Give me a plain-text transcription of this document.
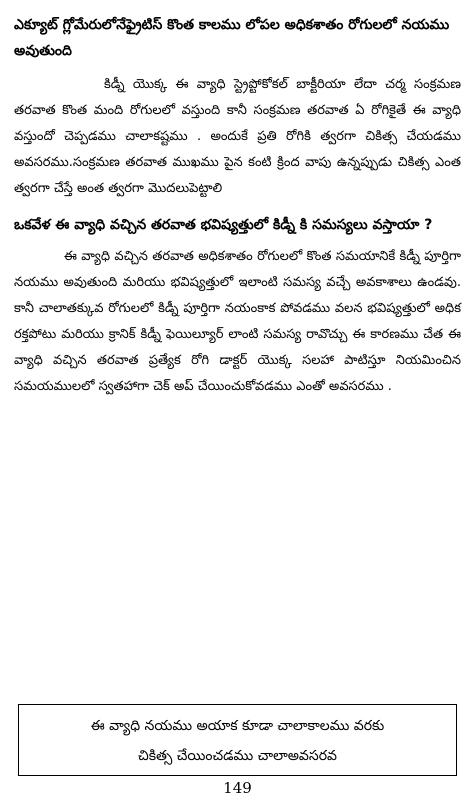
ఎక్యూట్ గ్లోమేరులోనేఫ్రైటిస్ కొంత కాలము లోపల అధికశాతం రోగులలో నయము అవుతుంది

కిడ్నీ యొక్క ఈ వ్యాధి స్ట్రెప్టోకోకల్ బాక్టీరియా లేదా చర్మ సంక్రమణ తరవాత కొంత మంది రోగులలో వస్తుంది కానీ సంక్రమణ తరవాత ఏ రోగికైతే ఈ వ్యాధి వస్తుందో చెప్పడము చాలాకష్టము . అందుకే ప్రతి రోగికి త్వరగా చికిత్స చేయడము అవసరము.సంక్రమణ తరవాత ముఖము పైన కంటి క్రింద వాపు ఉన్నప్పుడు చికిత్స ఎంత త్వరగా చేస్తే అంత త్వరగా మొదలుపెట్టాలి

ఒకవేళ ఈ వ్యాధి వచ్చిన తరవాత భవిష్యత్తులో కిడ్నీ కి సమస్యలు వస్తాయా ?

ఈ వ్యాధి వచ్చిన తరవాత అధికశాతం రోగులలో కొంత సమయానికే కిడ్నీ పూర్తిగా నయము అవుతుంది మరియు భవిష్యత్తులో ఇలాంటి సమస్య వచ్చే అవకాశాలు ఉండవు. కానీ చాలాతక్కువ రోగులలో కిడ్నీ పూర్తిగా నయంకాక పోవడము వలన భవిష్యత్తులో అధిక రక్తపోటు మరియు క్రానిక్ కిడ్నీ ఫెయిల్యూర్ లాంటి సమస్య రావొచ్చు ఈ కారణము చేత ఈ వ్యాధి వచ్చిన తరవాత ప్రత్యేక రోగి డాక్టర్ యొక్క సలహా పాటిస్తూ నియమించిన సమయములలో స్వతహాగా చెక్ అప్ చేయించుకోవడము ఎంతో అవసరము .

ఈ వ్యాధి నయము అయాక కూడా చాలాకాలము వరకు
చికిత్స చేయించడము చాలాఅవసరవ
149
